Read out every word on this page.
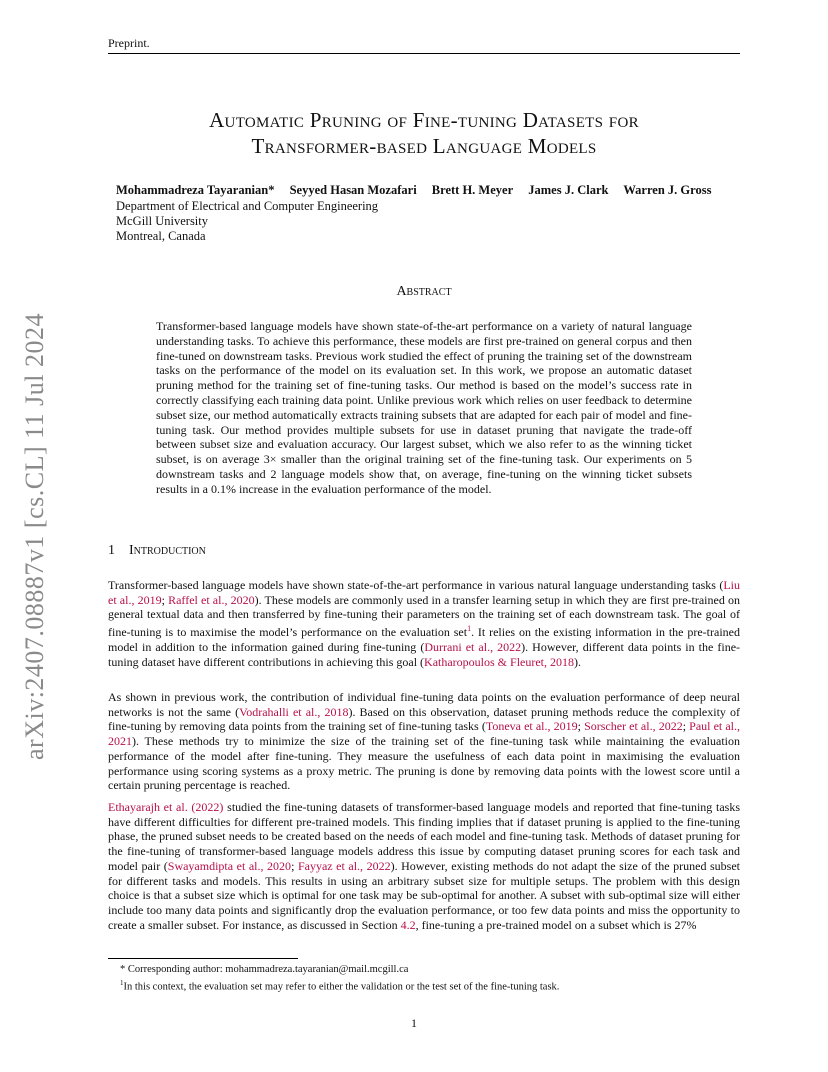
Preprint.
arXiv:2407.08887v1 [cs.CL] 11 Jul 2024
Automatic Pruning of Fine-tuning Datasets for
Transformer-based Language Models
Mohammadreza Tayaranian* Seyyed Hasan Mozafari Brett H. Meyer James J. Clark Warren J. Gross
Department of Electrical and Computer Engineering
McGill University
Montreal, Canada
Abstract
Transformer-based language models have shown state-of-the-art performance on a variety of natural language understanding tasks. To achieve this performance, these models are first pre-trained on general corpus and then fine-tuned on downstream tasks. Previous work studied the effect of pruning the training set of the downstream tasks on the performance of the model on its evaluation set. In this work, we propose an automatic dataset pruning method for the training set of fine-tuning tasks. Our method is based on the model’s success rate in correctly classifying each training data point. Unlike previous work which relies on user feedback to determine subset size, our method automatically extracts training subsets that are adapted for each pair of model and fine-tuning task. Our method provides multiple subsets for use in dataset pruning that navigate the trade-off between subset size and evaluation accuracy. Our largest subset, which we also refer to as the winning ticket subset, is on average 3× smaller than the original training set of the fine-tuning task. Our experiments on 5 downstream tasks and 2 language models show that, on average, fine-tuning on the winning ticket subsets results in a 0.1% increase in the evaluation performance of the model.
1 Introduction
Transformer-based language models have shown state-of-the-art performance in various natural language understanding tasks (Liu et al., 2019; Raffel et al., 2020). These models are commonly used in a transfer learning setup in which they are first pre-trained on general textual data and then transferred by fine-tuning their parameters on the training set of each downstream task. The goal of fine-tuning is to maximise the model’s performance on the evaluation set$^1$. It relies on the existing information in the pre-trained model in addition to the information gained during fine-tuning (Durrani et al., 2022). However, different data points in the fine-tuning dataset have different contributions in achieving this goal (Katharopoulos & Fleuret, 2018).
As shown in previous work, the contribution of individual fine-tuning data points on the evaluation performance of deep neural networks is not the same (Vodrahalli et al., 2018). Based on this observation, dataset pruning methods reduce the complexity of fine-tuning by removing data points from the training set of fine-tuning tasks (Toneva et al., 2019; Sorscher et al., 2022; Paul et al., 2021). These methods try to minimize the size of the training set of the fine-tuning task while maintaining the evaluation performance of the model after fine-tuning. They measure the usefulness of each data point in maximising the evaluation performance using scoring systems as a proxy metric. The pruning is done by removing data points with the lowest score until a certain pruning percentage is reached.
Ethayarajh et al. (2022) studied the fine-tuning datasets of transformer-based language models and reported that fine-tuning tasks have different difficulties for different pre-trained models. This finding implies that if dataset pruning is applied to the fine-tuning phase, the pruned subset needs to be created based on the needs of each model and fine-tuning task. Methods of dataset pruning for the fine-tuning of transformer-based language models address this issue by computing dataset pruning scores for each task and model pair (Swayamdipta et al., 2020; Fayyaz et al., 2022). However, existing methods do not adapt the size of the pruned subset for different tasks and models. This results in using an arbitrary subset size for multiple setups. The problem with this design choice is that a subset size which is optimal for one task may be sub-optimal for another. A subset with sub-optimal size will either include too many data points and significantly drop the evaluation performance, or too few data points and miss the opportunity to create a smaller subset. For instance, as discussed in Section 4.2, fine-tuning a pre-trained model on a subset which is 27%
* Corresponding author: mohammadreza.tayaranian@mail.mcgill.ca
$^1$In this context, the evaluation set may refer to either the validation or the test set of the fine-tuning task.
1
